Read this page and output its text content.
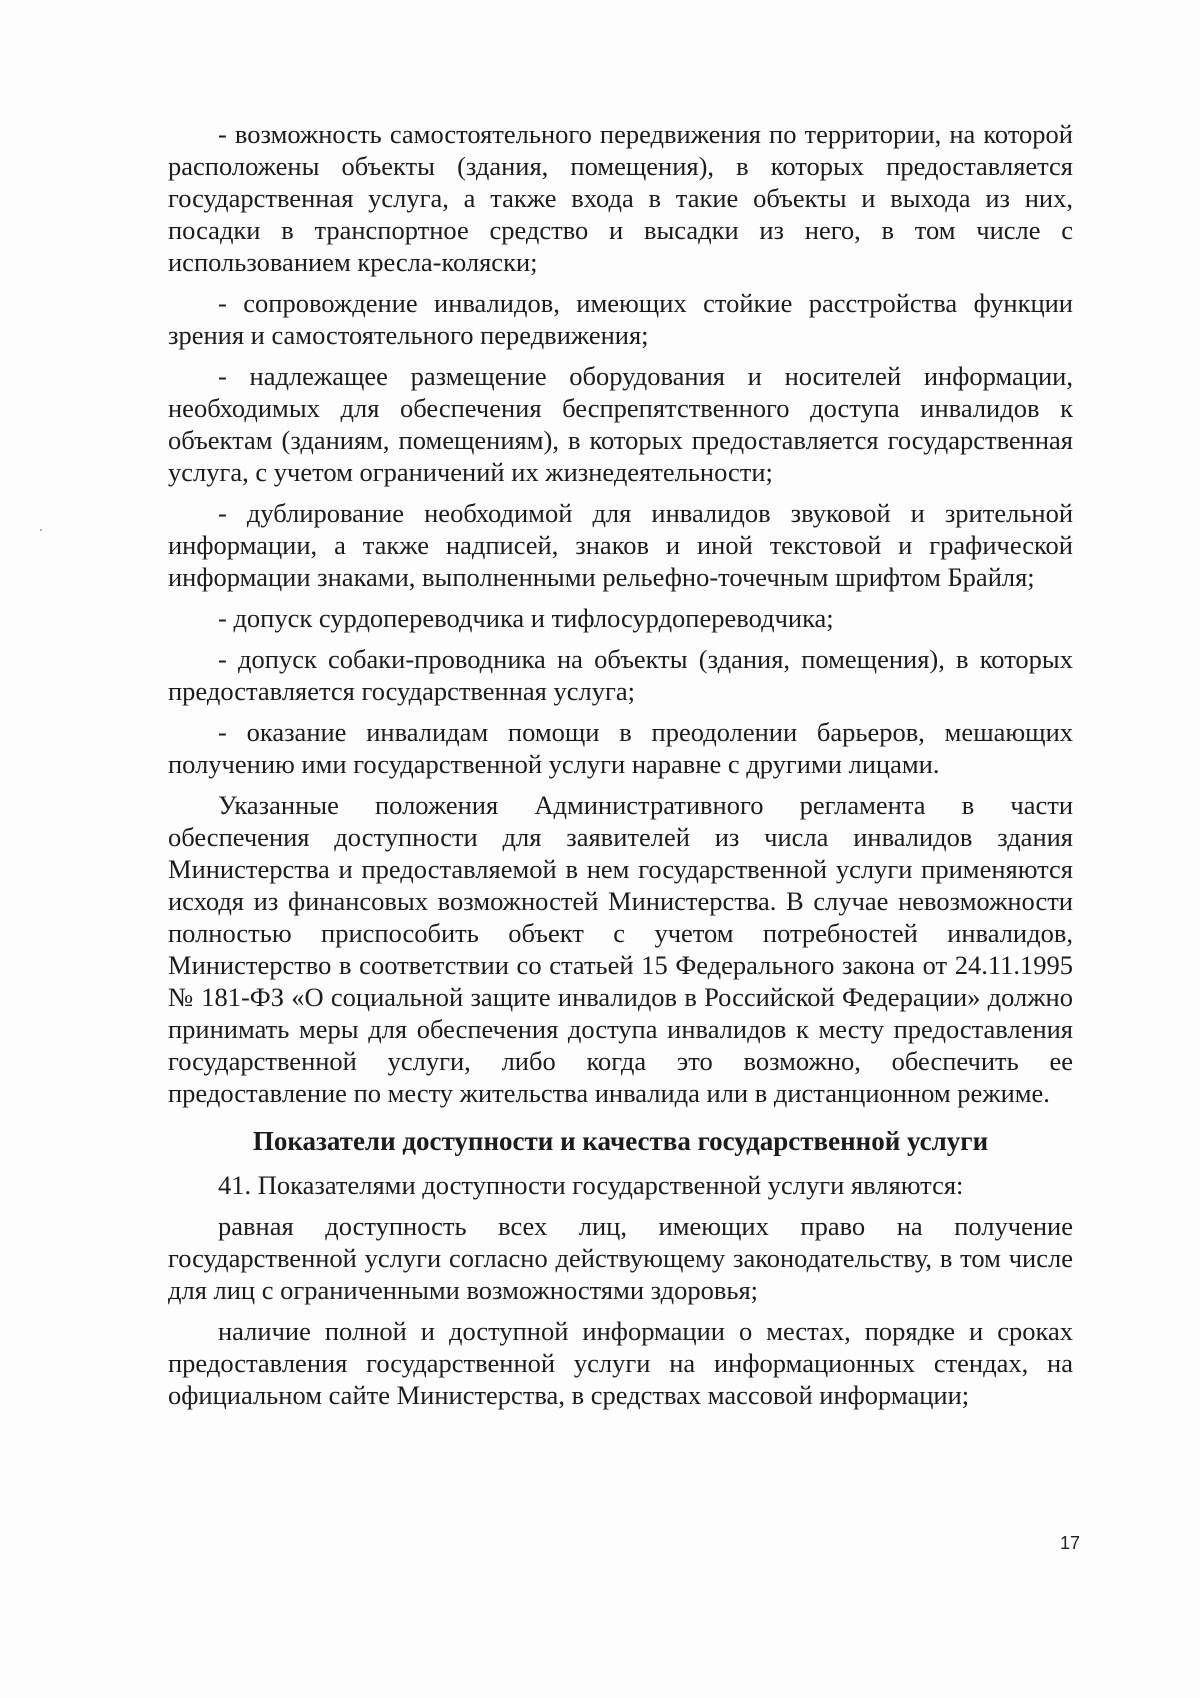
- возможность самостоятельного передвижения по территории, на которой расположены объекты (здания, помещения), в которых предоставляется государственная услуга, а также входа в такие объекты и выхода из них, посадки в транспортное средство и высадки из него, в том числе с использованием кресла-коляски;

- сопровождение инвалидов, имеющих стойкие расстройства функции зрения и самостоятельного передвижения;

- надлежащее размещение оборудования и носителей информации, необходимых для обеспечения беспрепятственного доступа инвалидов к объектам (зданиям, помещениям), в которых предоставляется государственная услуга, с учетом ограничений их жизнедеятельности;

- дублирование необходимой для инвалидов звуковой и зрительной информации, а также надписей, знаков и иной текстовой и графической информации знаками, выполненными рельефно-точечным шрифтом Брайля;

- допуск сурдопереводчика и тифлосурдопереводчика;

- допуск собаки-проводника на объекты (здания, помещения), в которых предоставляется государственная услуга;

- оказание инвалидам помощи в преодолении барьеров, мешающих получению ими государственной услуги наравне с другими лицами.

Указанные положения Административного регламента в части обеспечения доступности для заявителей из числа инвалидов здания Министерства и предоставляемой в нем государственной услуги применяются исходя из финансовых возможностей Министерства. В случае невозможности полностью приспособить объект с учетом потребностей инвалидов, Министерство в соответствии со статьей 15 Федерального закона от 24.11.1995 № 181-ФЗ «О социальной защите инвалидов в Российской Федерации» должно принимать меры для обеспечения доступа инвалидов к месту предоставления государственной услуги, либо когда это возможно, обеспечить ее предоставление по месту жительства инвалида или в дистанционном режиме.

Показатели доступности и качества государственной услуги

41. Показателями доступности государственной услуги являются:

равная доступность всех лиц, имеющих право на получение государственной услуги согласно действующему законодательству, в том числе для лиц с ограниченными возможностями здоровья;

наличие полной и доступной информации о местах, порядке и сроках предоставления государственной услуги на информационных стендах, на официальном сайте Министерства, в средствах массовой информации;

17
